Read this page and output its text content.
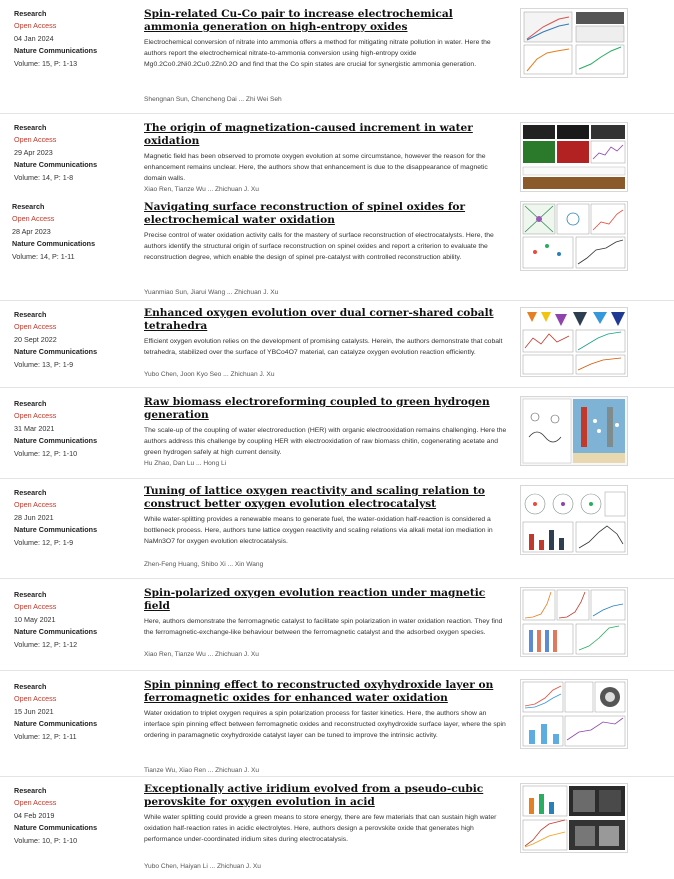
Research
Open Access
04 Jan 2024
Nature Communications
Volume: 15, P: 1-13
Spin-related Cu-Co pair to increase electrochemical ammonia generation on high-entropy oxides
Electrochemical conversion of nitrate into ammonia offers a method for mitigating nitrate pollution in water. Here the authors report the electrochemical nitrate-to-ammonia conversion using high-entropy oxide Mg0.2Co0.2Ni0.2Cu0.2Zn0.2O and find that the Co spin states are crucial for synergistic ammonia generation.
Shengnan Sun, Chencheng Dai ... Zhi Wei Seh
Research
Open Access
29 Apr 2023
Nature Communications
Volume: 14, P: 1-8
The origin of magnetization-caused increment in water oxidation
Magnetic field has been observed to promote oxygen evolution at some circumstance, however the reason for the enhancement remains unclear. Here, the authors show that enhancement is due to the disappearance of magnetic domain walls.
Xiao Ren, Tianze Wu ... Zhichuan J. Xu
Research
Open Access
28 Apr 2023
Nature Communications
Volume: 14, P: 1-11
Navigating surface reconstruction of spinel oxides for electrochemical water oxidation
Precise control of water oxidation activity calls for the mastery of surface reconstruction of electrocatalysts. Here, the authors identify the structural origin of surface reconstruction on spinel oxides and report a criterion to evaluate the reconstruction degree, which enable the design of spinel pre-catalyst with controlled reconstruction ability.
Yuanmiao Sun, Jiarui Wang ... Zhichuan J. Xu
Research
Open Access
20 Sept 2022
Nature Communications
Volume: 13, P: 1-9
Enhanced oxygen evolution over dual corner-shared cobalt tetrahedra
Efficient oxygen evolution relies on the development of promising catalysts. Herein, the authors demonstrate that cobalt tetrahedra, stabilized over the surface of YBCo4O7 material, can catalyze oxygen evolution reaction efficiently.
Yubo Chen, Joon Kyo Seo ... Zhichuan J. Xu
Research
Open Access
31 Mar 2021
Nature Communications
Volume: 12, P: 1-10
Raw biomass electroreforming coupled to green hydrogen generation
The scale-up of the coupling of water electroreduction (HER) with organic electrooxidation remains challenging. Here the authors address this challenge by coupling HER with electrooxidation of raw biomass chitin, cogenerating acetate and green hydrogen safely at high current density.
Hu Zhao, Dan Lu ... Hong Li
Research
Open Access
28 Jun 2021
Nature Communications
Volume: 12, P: 1-9
Tuning of lattice oxygen reactivity and scaling relation to construct better oxygen evolution electrocatalyst
While water-splitting provides a renewable means to generate fuel, the water-oxidation half-reaction is considered a bottleneck process. Here, authors tune lattice oxygen reactivity and scaling relations via alkali metal ion mediation in NaMn3O7 for oxygen evolution electrocatalysis.
Zhen-Feng Huang, Shibo Xi ... Xin Wang
Research
Open Access
10 May 2021
Nature Communications
Volume: 12, P: 1-12
Spin-polarized oxygen evolution reaction under magnetic field
Here, authors demonstrate the ferromagnetic catalyst to facilitate spin polarization in water oxidation reaction. They find the ferromagnetic-exchange-like behaviour between the ferromagnetic catalyst and the adsorbed oxygen species.
Xiao Ren, Tianze Wu ... Zhichuan J. Xu
Research
Open Access
15 Jun 2021
Nature Communications
Volume: 12, P: 1-11
Spin pinning effect to reconstructed oxyhydroxide layer on ferromagnetic oxides for enhanced water oxidation
Water oxidation to triplet oxygen requires a spin polarization process for faster kinetics. Here, the authors show an interface spin pinning effect between ferromagnetic oxides and reconstructed oxyhydroxide surface layer, where the spin ordering in paramagnetic oxyhydroxide catalyst layer can be tuned to improve the intrinsic activity.
Tianze Wu, Xiao Ren ... Zhichuan J. Xu
Research
Open Access
04 Feb 2019
Nature Communications
Volume: 10, P: 1-10
Exceptionally active iridium evolved from a pseudo-cubic perovskite for oxygen evolution in acid
While water splitting could provide a green means to store energy, there are few materials that can sustain high water oxidation half-reaction rates in acidic electrolytes. Here, authors design a perovskite oxide that generates high performance under-coordinated iridium sites during electrocatalysis.
Yubo Chen, Haiyan Li ... Zhichuan J. Xu
